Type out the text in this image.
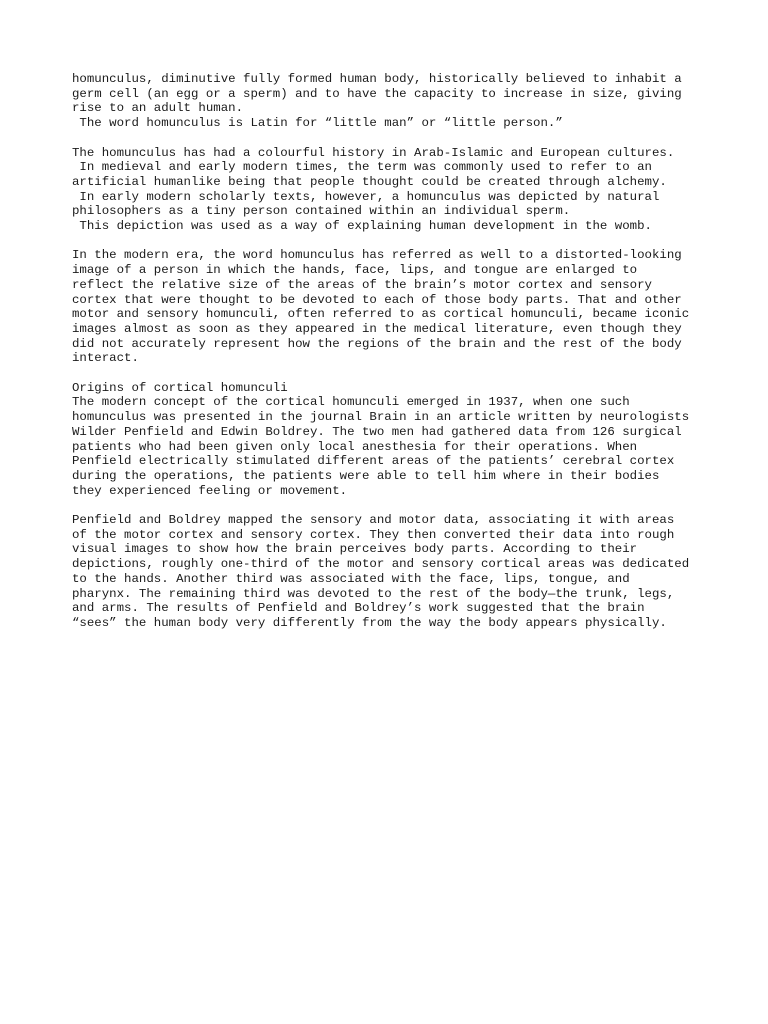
homunculus, diminutive fully formed human body, historically believed to inhabit a
germ cell (an egg or a sperm) and to have the capacity to increase in size, giving
rise to an adult human.
The word homunculus is Latin for “little man” or “little person.”

The homunculus has had a colourful history in Arab-Islamic and European cultures.
In medieval and early modern times, the term was commonly used to refer to an
artificial humanlike being that people thought could be created through alchemy.
In early modern scholarly texts, however, a homunculus was depicted by natural
philosophers as a tiny person contained within an individual sperm.
This depiction was used as a way of explaining human development in the womb.

In the modern era, the word homunculus has referred as well to a distorted-looking
image of a person in which the hands, face, lips, and tongue are enlarged to
reflect the relative size of the areas of the brain’s motor cortex and sensory
cortex that were thought to be devoted to each of those body parts. That and other
motor and sensory homunculi, often referred to as cortical homunculi, became iconic
images almost as soon as they appeared in the medical literature, even though they
did not accurately represent how the regions of the brain and the rest of the body
interact.

Origins of cortical homunculi
The modern concept of the cortical homunculi emerged in 1937, when one such
homunculus was presented in the journal Brain in an article written by neurologists
Wilder Penfield and Edwin Boldrey. The two men had gathered data from 126 surgical
patients who had been given only local anesthesia for their operations. When
Penfield electrically stimulated different areas of the patients’ cerebral cortex
during the operations, the patients were able to tell him where in their bodies
they experienced feeling or movement.

Penfield and Boldrey mapped the sensory and motor data, associating it with areas
of the motor cortex and sensory cortex. They then converted their data into rough
visual images to show how the brain perceives body parts. According to their
depictions, roughly one-third of the motor and sensory cortical areas was dedicated
to the hands. Another third was associated with the face, lips, tongue, and
pharynx. The remaining third was devoted to the rest of the body—the trunk, legs,
and arms. The results of Penfield and Boldrey’s work suggested that the brain
“sees” the human body very differently from the way the body appears physically.
